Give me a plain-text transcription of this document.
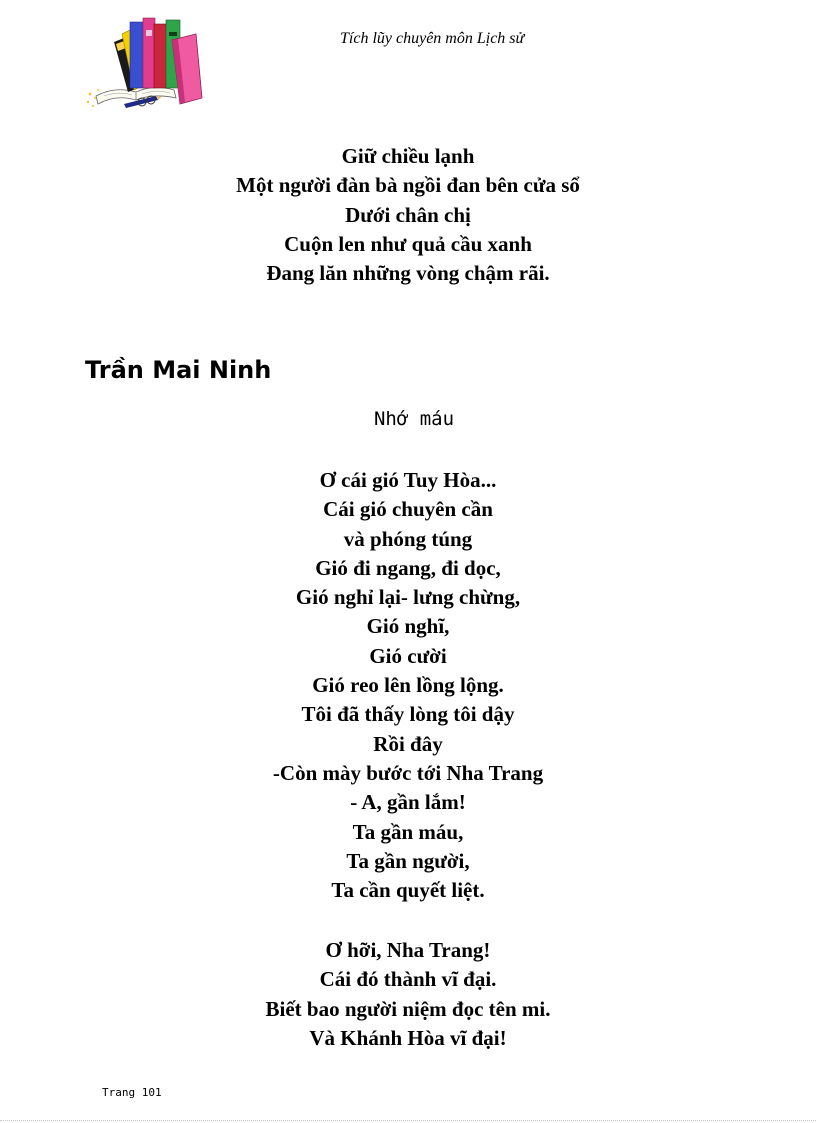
Tích lũy chuyên môn Lịch sử
Giữ chiều lạnh
Một người đàn bà ngồi đan bên cửa sổ
Dưới chân chị
Cuộn len như quả cầu xanh
Đang lăn những vòng chậm rãi.
Trần Mai Ninh
Nhớ máu
Ơ cái gió Tuy Hòa...
Cái gió chuyên cần
và phóng túng
Gió đi ngang, đi dọc,
Gió nghỉ lại- lưng chừng,
Gió nghĩ,
Gió cười
Gió reo lên lồng lộng.
Tôi đã thấy lòng tôi dậy
Rồi đây
-Còn mày bước tới Nha Trang
- A, gần lắm!
Ta gần máu,
Ta gần người,
Ta cần quyết liệt.
Ơ hỡi, Nha Trang!
Cái đó thành vĩ đại.
Biết bao người niệm đọc tên mi.
Và Khánh Hòa vĩ đại!
Trang 101
